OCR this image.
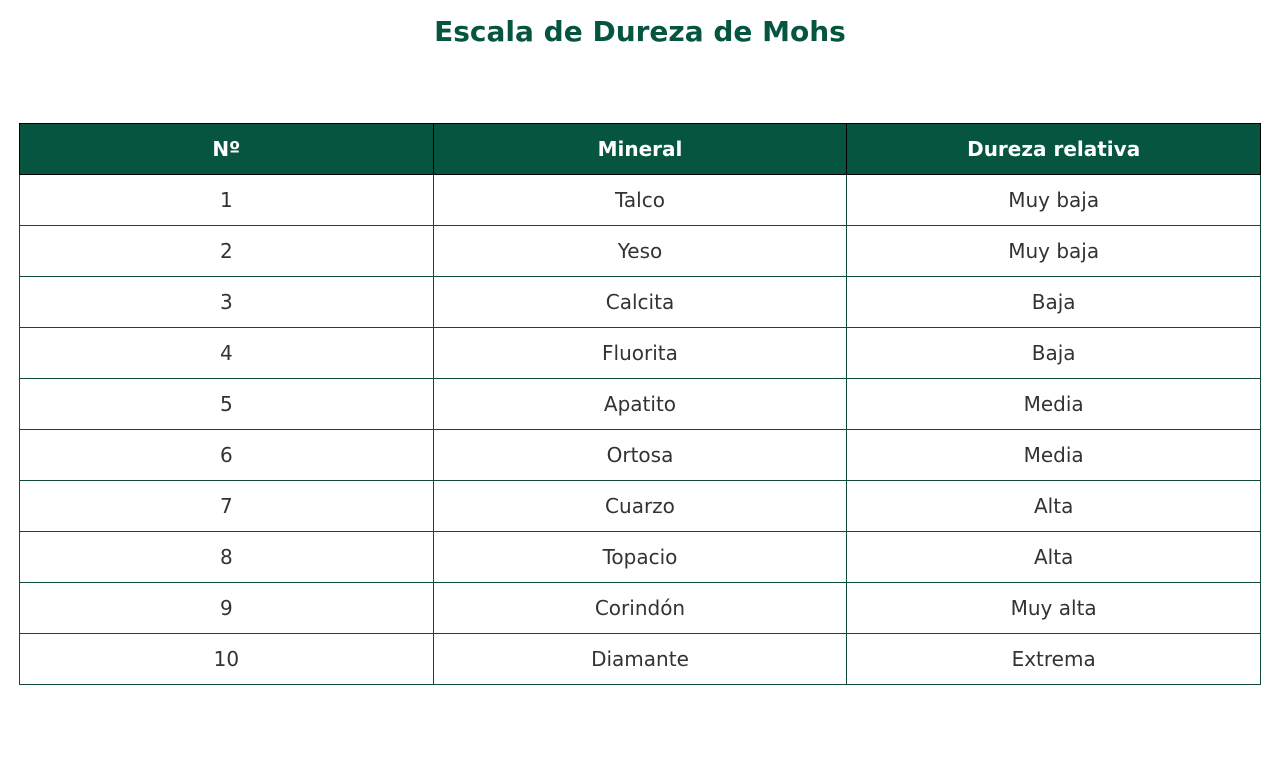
Escala de Dureza de Mohs
Nº	Mineral	Dureza relativa
1	Talco	Muy baja
2	Yeso	Muy baja
3	Calcita	Baja
4	Fluorita	Baja
5	Apatito	Media
6	Ortosa	Media
7	Cuarzo	Alta
8	Topacio	Alta
9	Corindón	Muy alta
10	Diamante	Extrema
